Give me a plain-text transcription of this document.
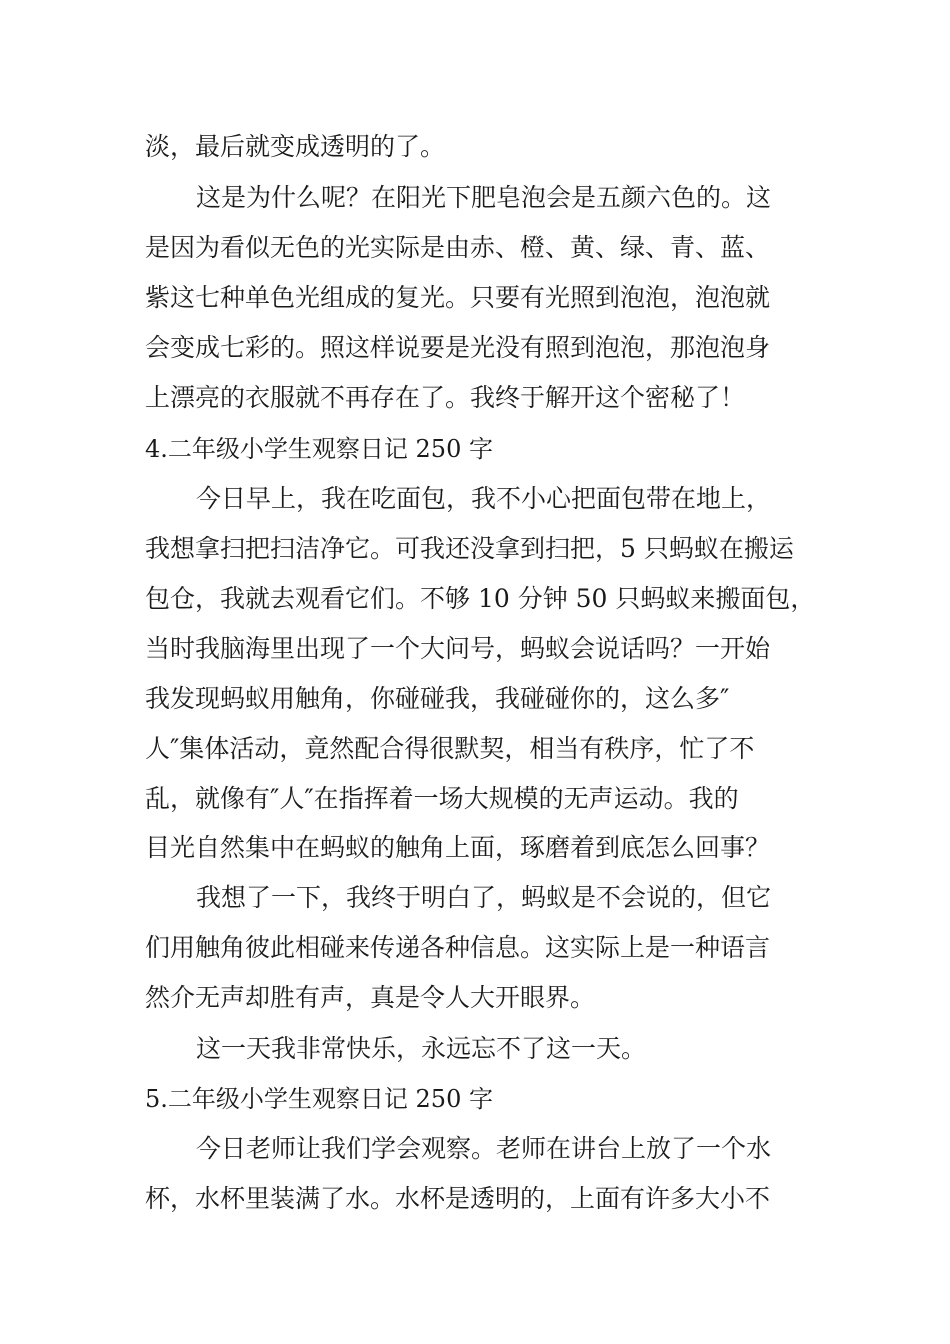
淡，最后就变成透明的了。
这是为什么呢？在阳光下肥皂泡会是五颜六色的。这
是因为看似无色的光实际是由赤、橙、黄、绿、青、蓝、
紫这七种单色光组成的复光。只要有光照到泡泡，泡泡就
会变成七彩的。照这样说要是光没有照到泡泡，那泡泡身
上漂亮的衣服就不再存在了。我终于解开这个密秘了！
4.二年级小学生观察日记 250 字
今日早上，我在吃面包，我不小心把面包带在地上，
我想拿扫把扫洁净它。可我还没拿到扫把，5 只蚂蚁在搬运
包仓，我就去观看它们。不够 10 分钟 50 只蚂蚁来搬面包，
当时我脑海里出现了一个大问号，蚂蚁会说话吗？一开始
我发现蚂蚁用触角，你碰碰我，我碰碰你的，这么多″
人″集体活动，竟然配合得很默契，相当有秩序，忙了不
乱，就像有″人″在指挥着一场大规模的无声运动。我的
目光自然集中在蚂蚁的触角上面，琢磨着到底怎么回事？
我想了一下，我终于明白了，蚂蚁是不会说的，但它
们用触角彼此相碰来传递各种信息。这实际上是一种语言
然介无声却胜有声，真是令人大开眼界。
这一天我非常快乐，永远忘不了这一天。
5.二年级小学生观察日记 250 字
今日老师让我们学会观察。老师在讲台上放了一个水
杯，水杯里装满了水。水杯是透明的，上面有许多大小不
